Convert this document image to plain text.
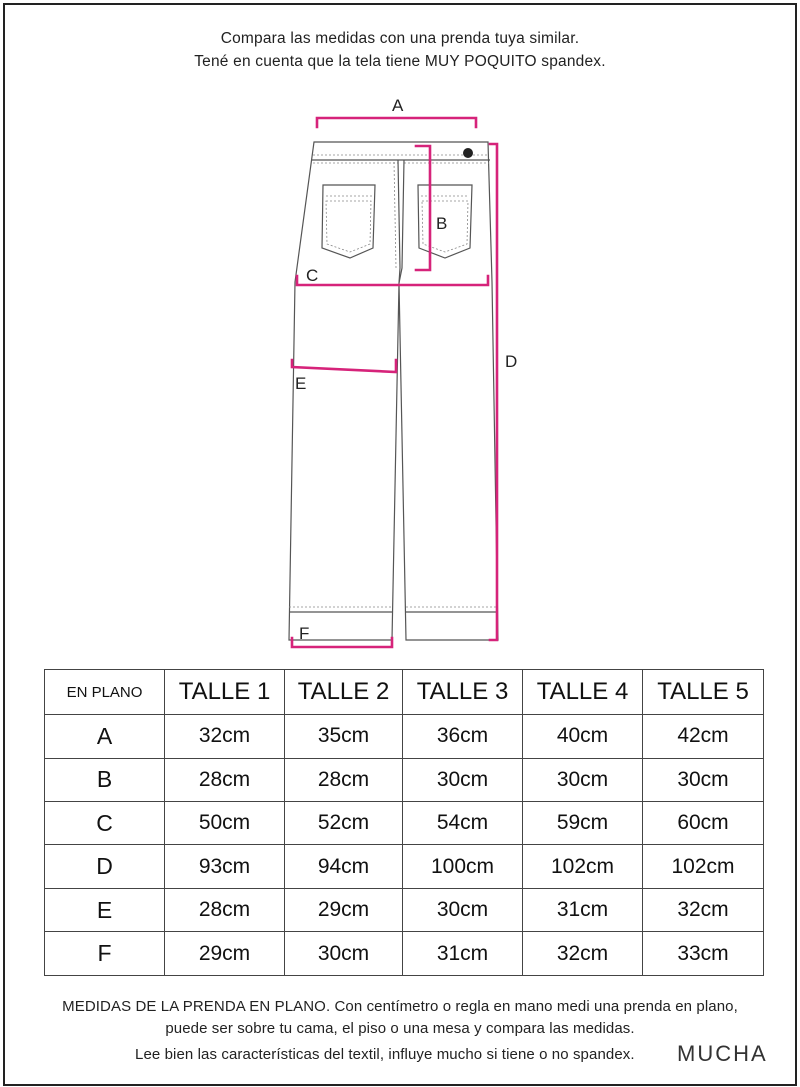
Compara las medidas con una prenda tuya similar.
Tené en cuenta que la tela tiene MUY POQUITO spandex.
A
B
C
D
E
F
EN PLANO	TALLE 1	TALLE 2	TALLE 3	TALLE 4	TALLE 5
A	32cm	35cm	36cm	40cm	42cm
B	28cm	28cm	30cm	30cm	30cm
C	50cm	52cm	54cm	59cm	60cm
D	93cm	94cm	100cm	102cm	102cm
E	28cm	29cm	30cm	31cm	32cm
F	29cm	30cm	31cm	32cm	33cm
MEDIDAS DE LA PRENDA EN PLANO. Con centímetro o regla en mano medi una prenda en plano,
puede ser sobre tu cama, el piso o una mesa y compara las medidas.
Lee bien las características del textil, influye mucho si tiene o no spandex. MUCHA
